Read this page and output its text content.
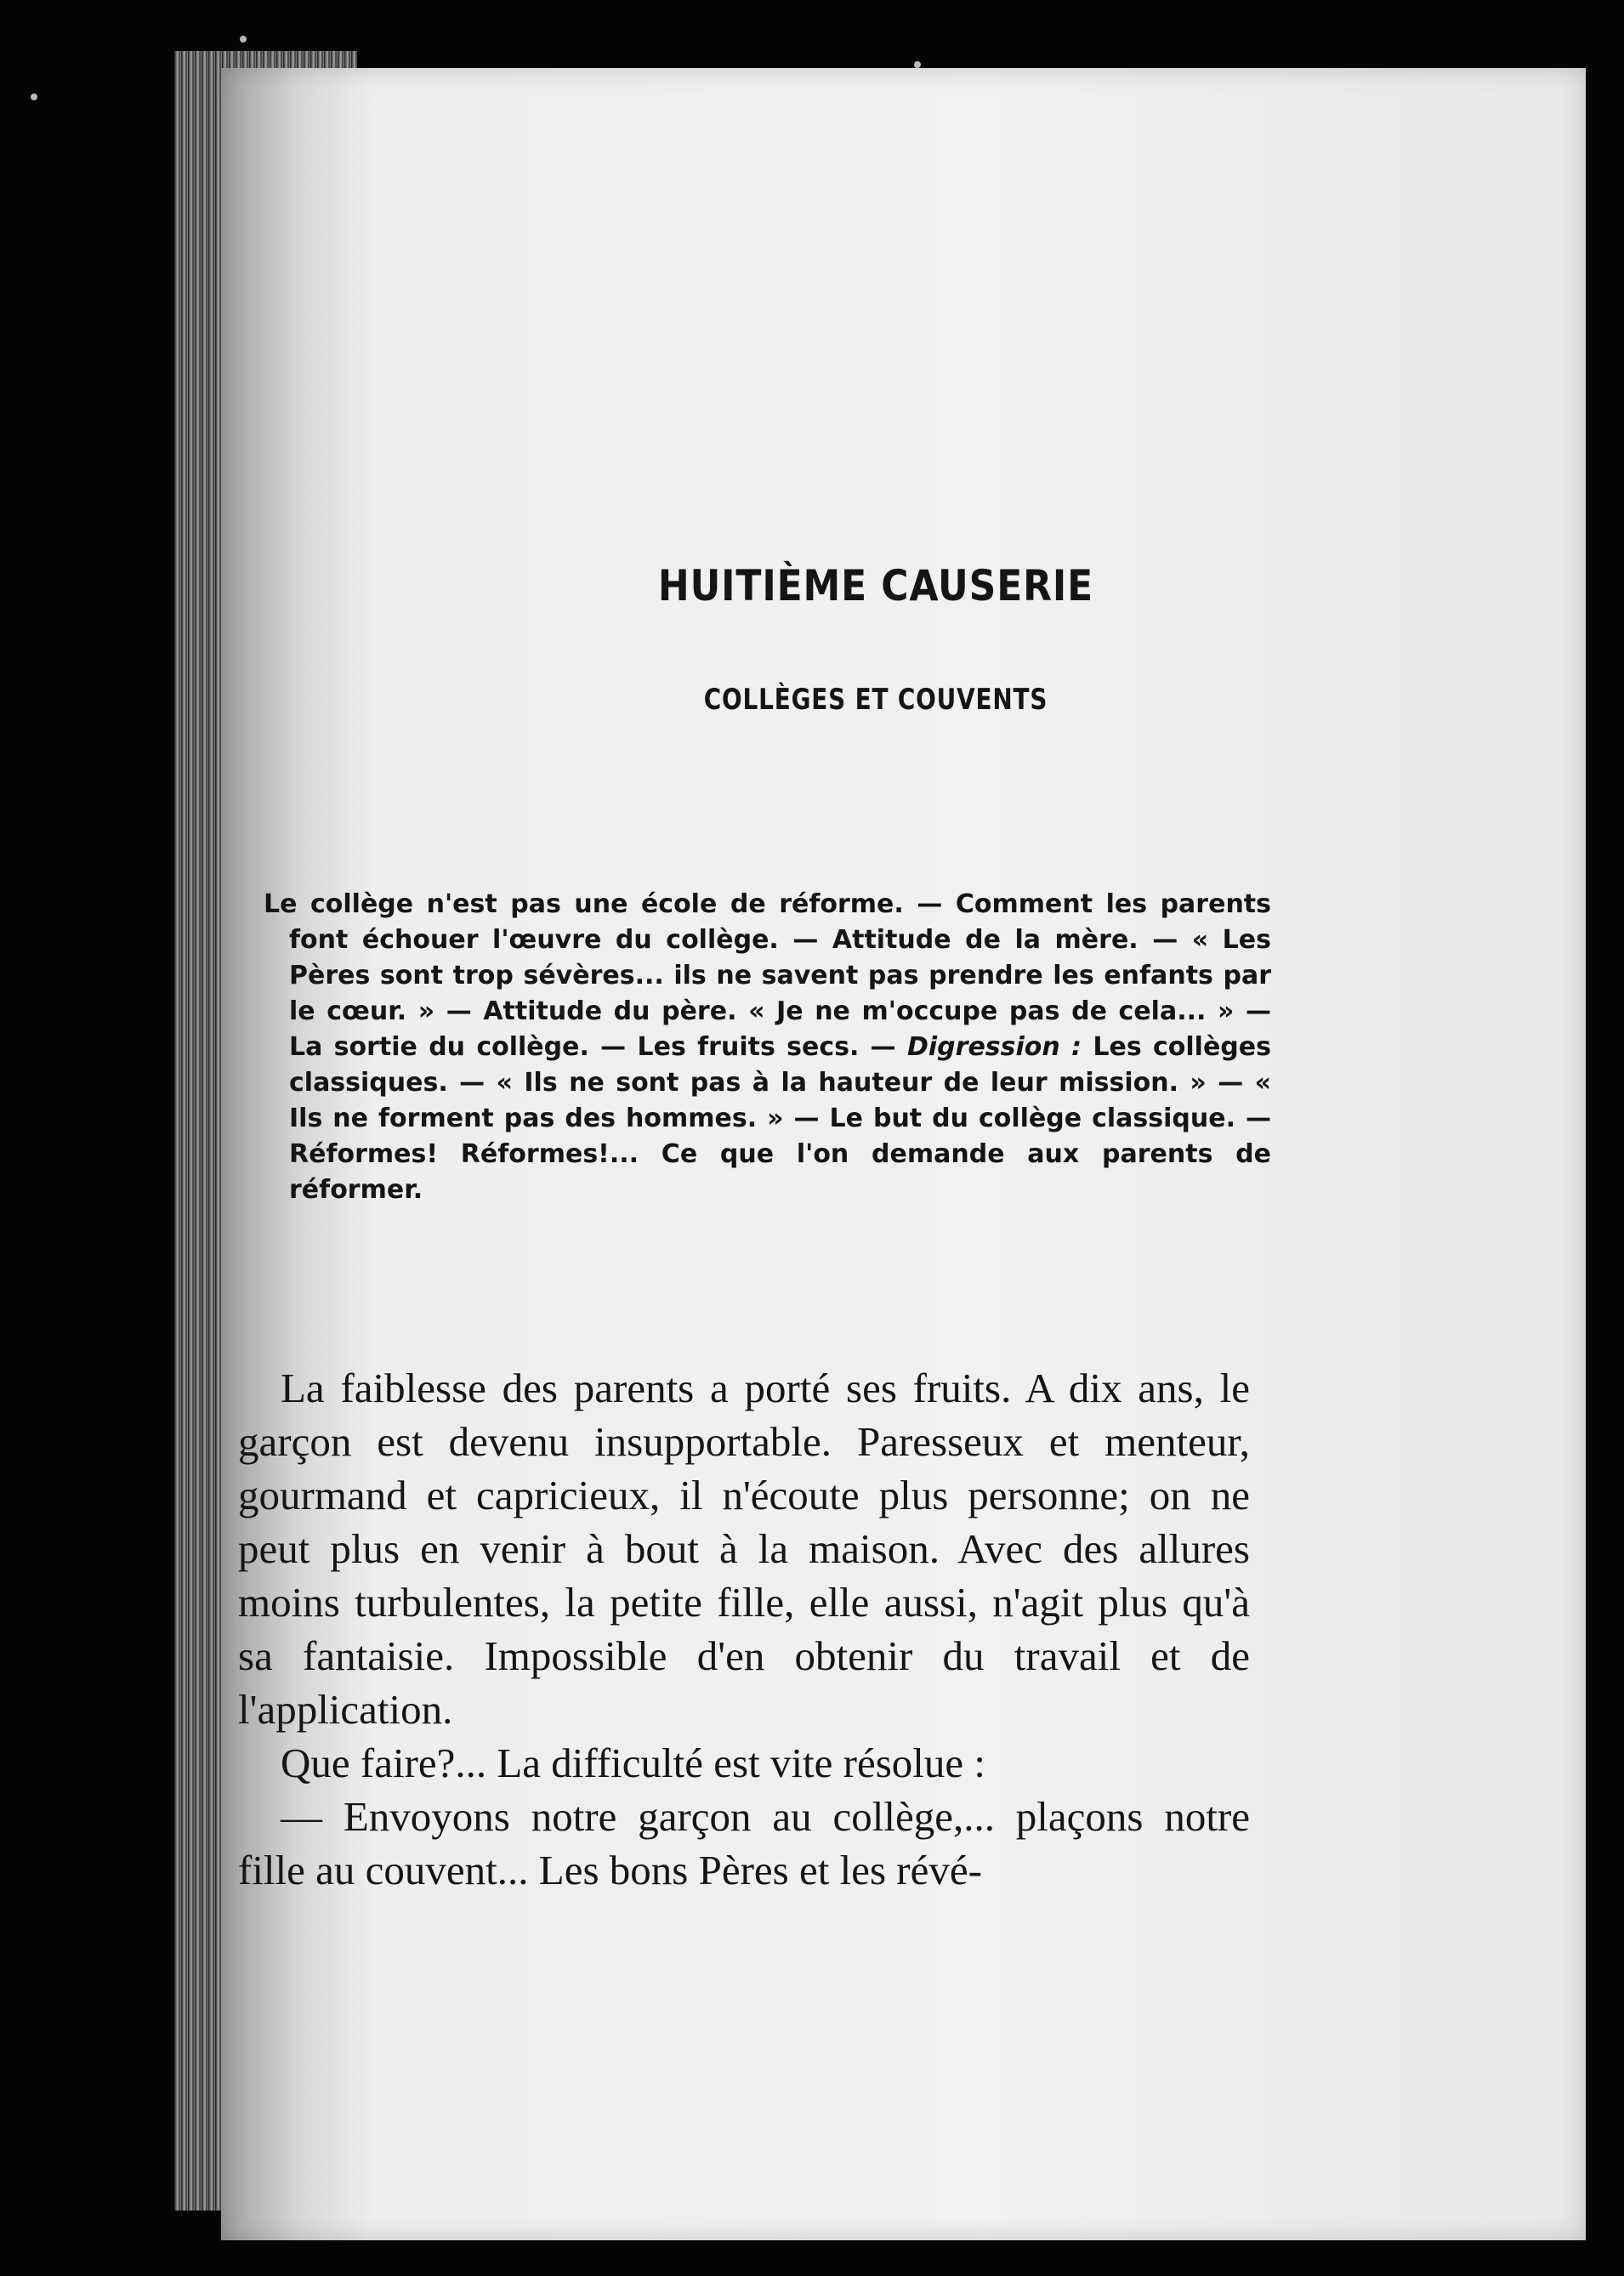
HUITIÈME CAUSERIE
COLLÈGES ET COUVENTS
Le collège n'est pas une école de réforme. — Comment les parents font échouer l'œuvre du collège. — Attitude de la mère. — « Les Pères sont trop sévères... ils ne savent pas prendre les enfants par le cœur. » — Attitude du père. « Je ne m'occupe pas de cela... » — La sortie du collège. — Les fruits secs. — Digression : Les collèges classiques. — « Ils ne sont pas à la hauteur de leur mission. » — « Ils ne forment pas des hommes. » — Le but du collège classique. — Réformes! Réformes!... Ce que l'on demande aux parents de réformer.

La faiblesse des parents a porté ses fruits. A dix ans, le garçon est devenu insupportable. Paresseux et menteur, gourmand et capricieux, il n'écoute plus personne; on ne peut plus en venir à bout à la maison. Avec des allures moins turbulentes, la petite fille, elle aussi, n'agit plus qu'à sa fantaisie. Impossible d'en obtenir du travail et de l'application.

Que faire?... La difficulté est vite résolue :

— Envoyons notre garçon au collège,... plaçons notre fille au couvent... Les bons Pères et les révé-
